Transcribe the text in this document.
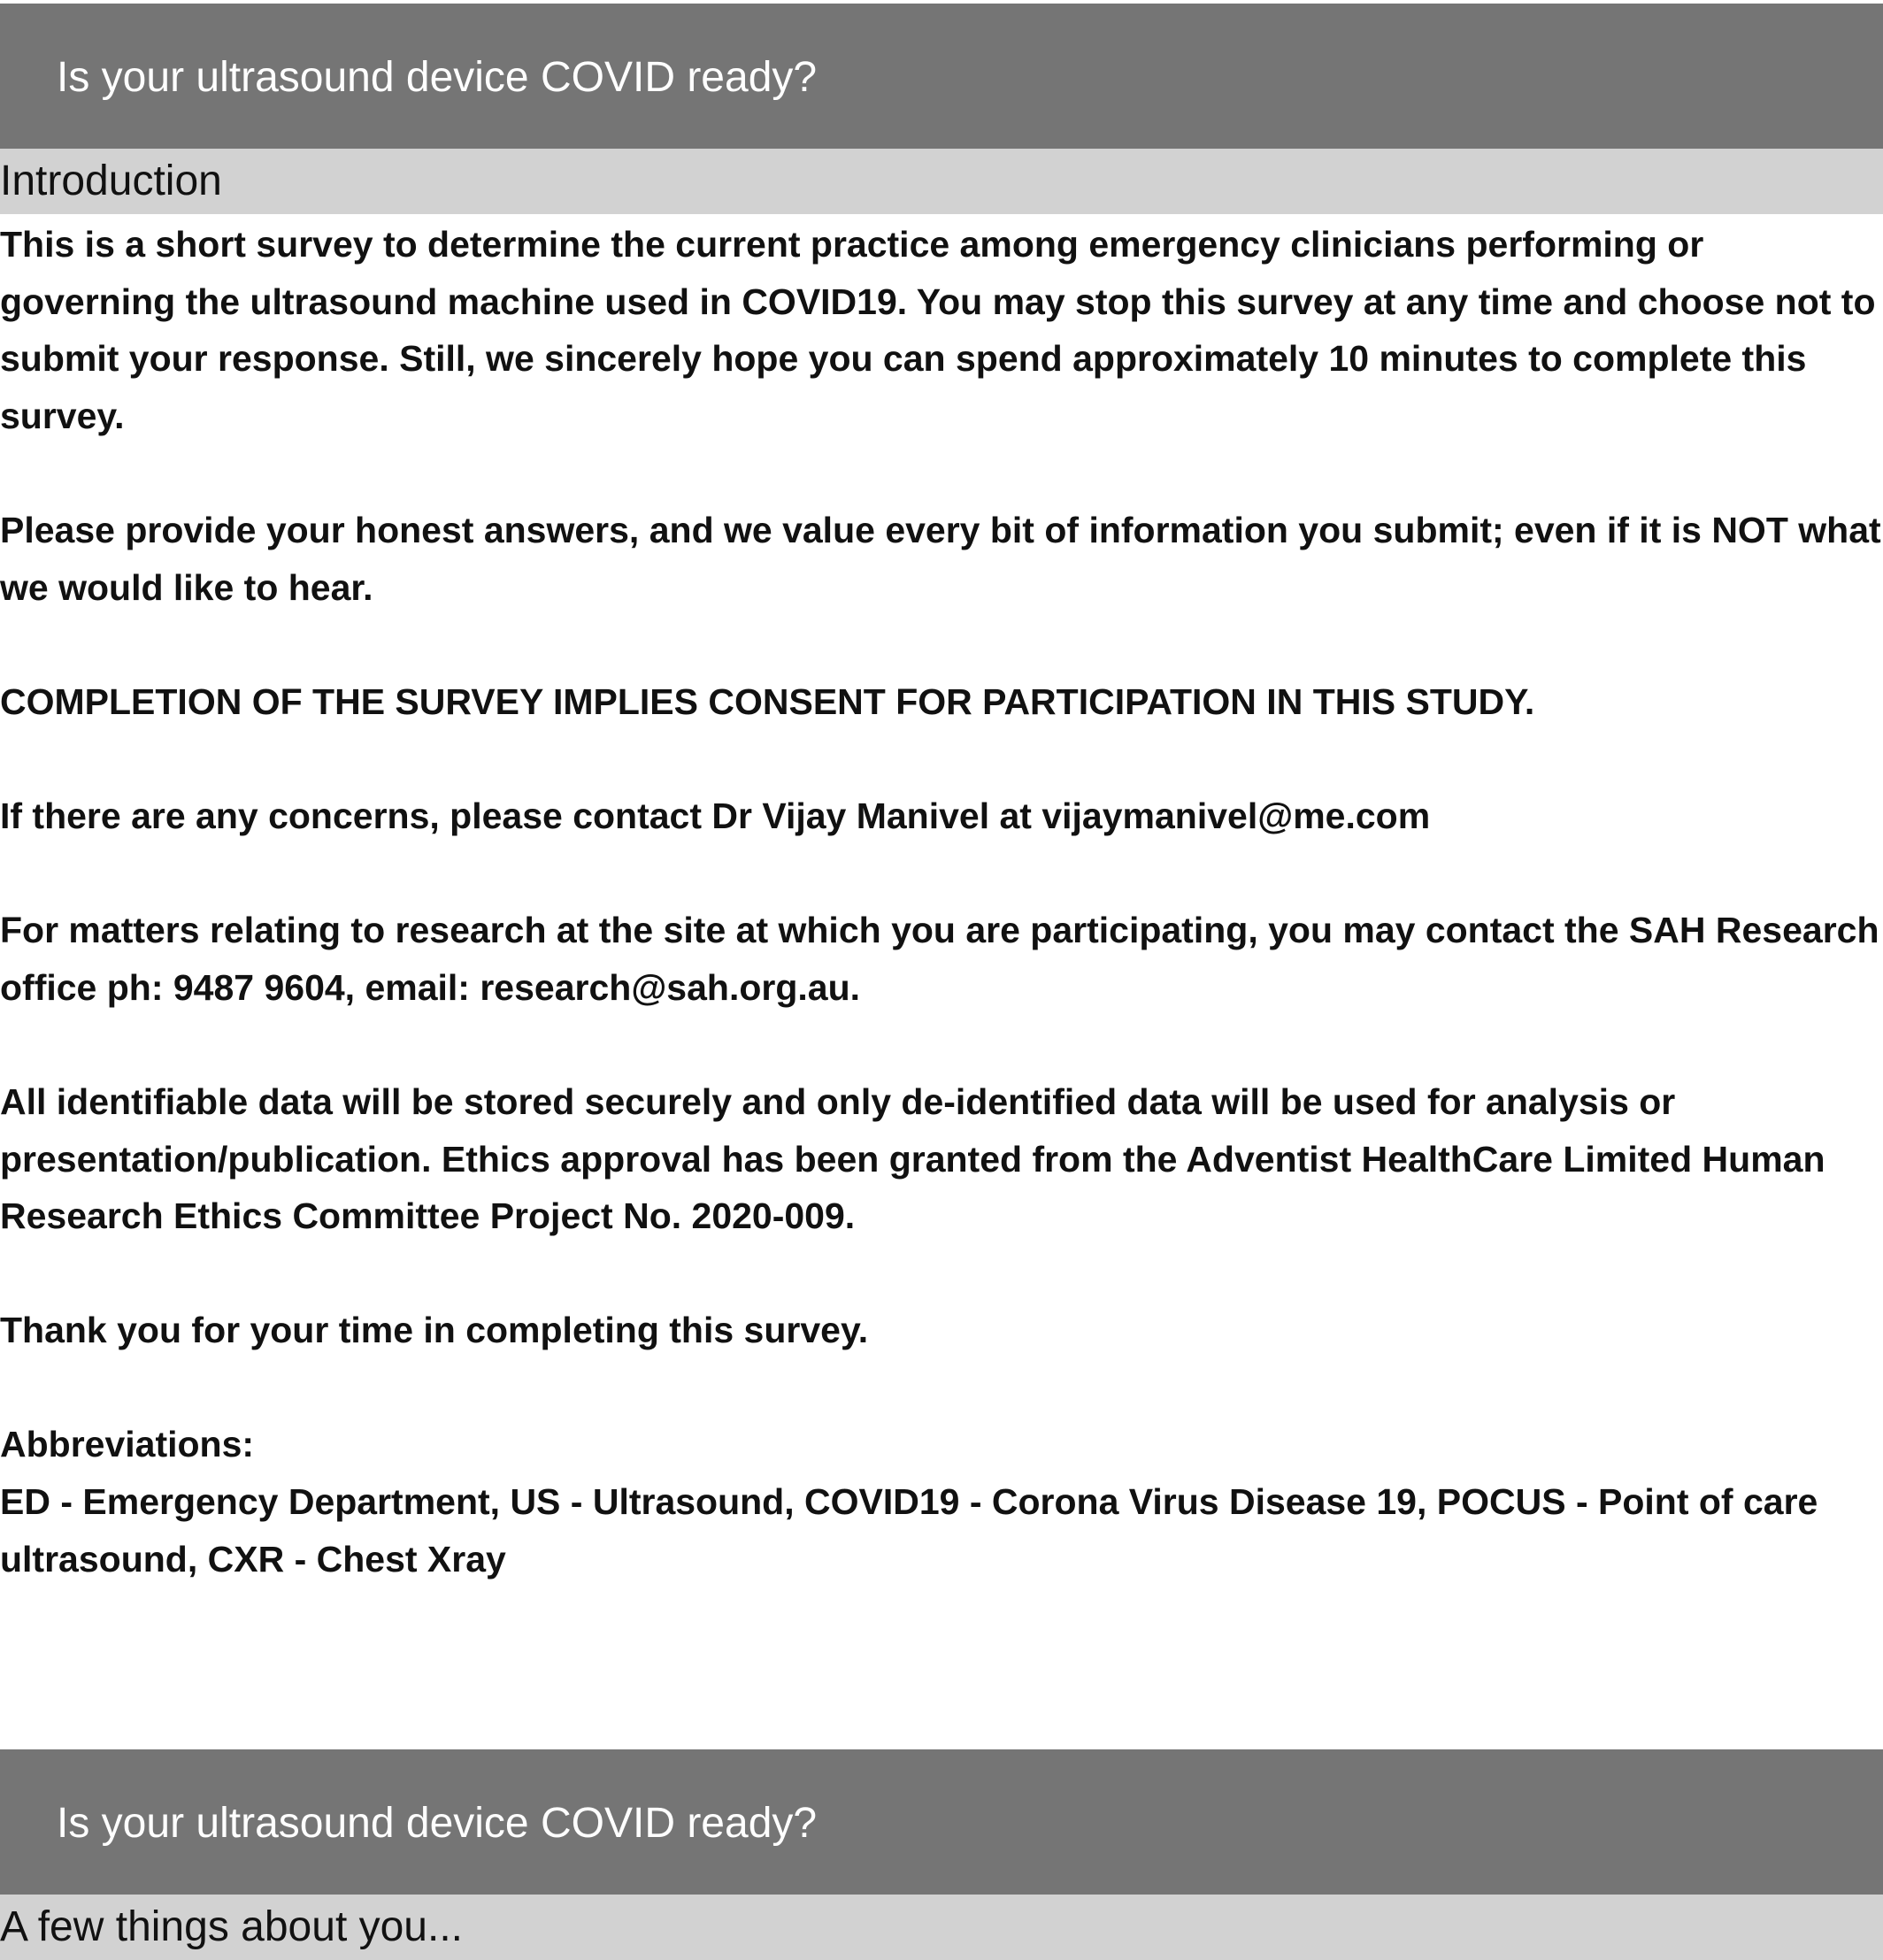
Is your ultrasound device COVID ready?
Introduction

This is a short survey to determine the current practice among emergency clinicians performing or governing the ultrasound machine used in COVID19. You may stop this survey at any time and choose not to submit your response. Still, we sincerely hope you can spend approximately 10 minutes to complete this survey.

Please provide your honest answers, and we value every bit of information you submit; even if it is NOT what we would like to hear.

COMPLETION OF THE SURVEY IMPLIES CONSENT FOR PARTICIPATION IN THIS STUDY.

If there are any concerns, please contact Dr Vijay Manivel at vijaymanivel@me.com

For matters relating to research at the site at which you are participating, you may contact the SAH Research office ph: 9487 9604, email: research@sah.org.au.

All identifiable data will be stored securely and only de-identified data will be used for analysis or presentation/publication. Ethics approval has been granted from the Adventist HealthCare Limited Human Research Ethics Committee Project No. 2020-009.

Thank you for your time in completing this survey.

Abbreviations:

ED - Emergency Department, US - Ultrasound, COVID19 - Corona Virus Disease 19, POCUS - Point of care ultrasound, CXR - Chest Xray

Is your ultrasound device COVID ready?
A few things about you...
